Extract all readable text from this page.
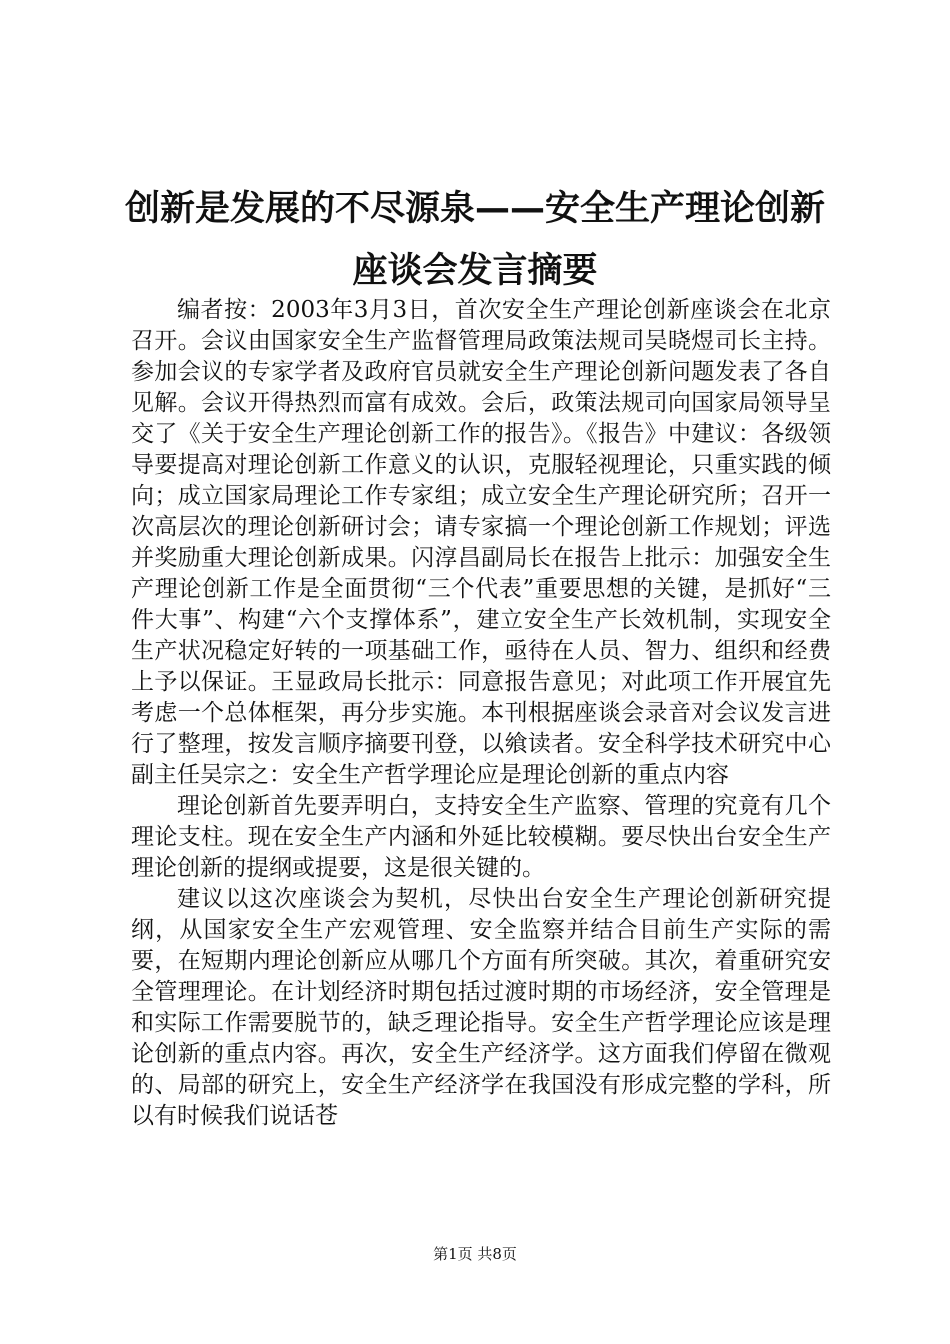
创新是发展的不尽源泉——安全生产理论创新座谈会发言摘要

编者按：2003年3月3日，首次安全生产理论创新座谈会在北京召开。会议由国家安全生产监督管理局政策法规司吴晓煜司长主持。参加会议的专家学者及政府官员就安全生产理论创新问题发表了各自见解。会议开得热烈而富有成效。会后，政策法规司向国家局领导呈交了《关于安全生产理论创新工作的报告》。《报告》中建议：各级领导要提高对理论创新工作意义的认识，克服轻视理论，只重实践的倾向；成立国家局理论工作专家组；成立安全生产理论研究所；召开一次高层次的理论创新研讨会；请专家搞一个理论创新工作规划；评选并奖励重大理论创新成果。闪淳昌副局长在报告上批示：加强安全生产理论创新工作是全面贯彻“三个代表”重要思想的关键，是抓好“三件大事”、构建“六个支撑体系”，建立安全生产长效机制，实现安全生产状况稳定好转的一项基础工作，亟待在人员、智力、组织和经费上予以保证。王显政局长批示：同意报告意见；对此项工作开展宜先考虑一个总体框架，再分步实施。本刊根据座谈会录音对会议发言进行了整理，按发言顺序摘要刊登，以飨读者。安全科学技术研究中心副主任吴宗之：安全生产哲学理论应是理论创新的重点内容

理论创新首先要弄明白，支持安全生产监察、管理的究竟有几个理论支柱。现在安全生产内涵和外延比较模糊。要尽快出台安全生产理论创新的提纲或提要，这是很关键的。

建议以这次座谈会为契机，尽快出台安全生产理论创新研究提纲，从国家安全生产宏观管理、安全监察并结合目前生产实际的需要，在短期内理论创新应从哪几个方面有所突破。其次，着重研究安全管理理论。在计划经济时期包括过渡时期的市场经济，安全管理是和实际工作需要脱节的，缺乏理论指导。安全生产哲学理论应该是理论创新的重点内容。再次，安全生产经济学。这方面我们停留在微观的、局部的研究上，安全生产经济学在我国没有形成完整的学科，所以有时候我们说话苍

第1页 共8页
